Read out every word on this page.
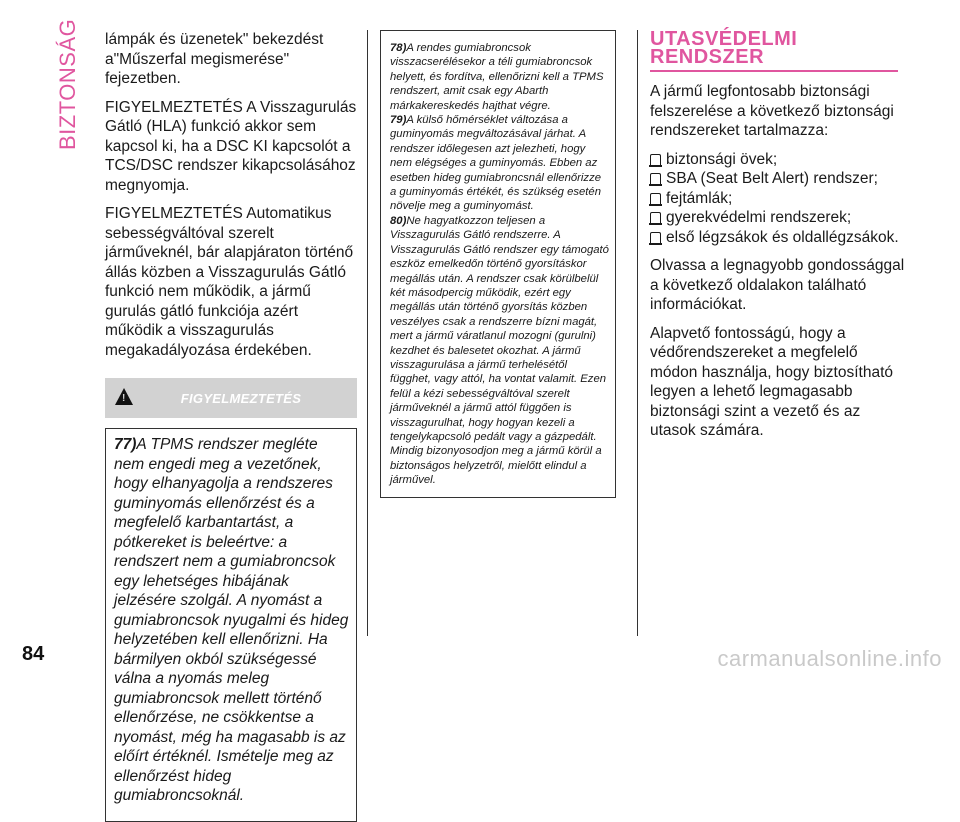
BIZTONSÁG lámpák és üzenetek" bekezdést a"Műszerfal megismerése" fejezetben.

FIGYELMEZTETÉS A Visszagurulás Gátló (HLA) funkció akkor sem kapcsol ki, ha a DSC KI kapcsolót a TCS/DSC rendszer kikapcsolásához megnyomja.

FIGYELMEZTETÉS Automatikus sebességváltóval szerelt járműveknél, bár alapjáraton történő állás közben a Visszagurulás Gátló funkció nem működik, a jármű gurulás gátló funkciója azért működik a visszagurulás megakadályozása érdekében.

!	FIGYELMEZTETÉS

77)A TPMS rendszer megléte nem engedi meg a vezetőnek, hogy elhanyagolja a rendszeres guminyomás ellenőrzést és a megfelelő karbantartást, a pótkereket is beleértve: a rendszert nem a gumiabroncsok egy lehetséges hibájának jelzésére szolgál. A nyomást a gumiabroncsok nyugalmi és hideg helyzetében kell ellenőrizni. Ha bármilyen okból szükségessé válna a nyomás meleg gumiabroncsok mellett történő ellenőrzése, ne csökkentse a nyomást, még ha magasabb is az előírt értéknél. Ismételje meg az ellenőrzést hideg gumiabroncsoknál.

78)A rendes gumiabroncsok visszacserélésekor a téli gumiabroncsok helyett, és fordítva, ellenőrizni kell a TPMS rendszert, amit csak egy Abarth márkakereskedés hajthat végre.

79)A külső hőmérséklet változása a guminyomás megváltozásával járhat. A rendszer időlegesen azt jelezheti, hogy nem elégséges a guminyomás. Ebben az esetben hideg gumiabroncsnál ellenőrizze a guminyomás értékét, és szükség esetén növelje meg a guminyomást.

80)Ne hagyatkozzon teljesen a Visszagurulás Gátló rendszerre. A Visszagurulás Gátló rendszer egy támogató eszköz emelkedőn történő gyorsításkor megállás után. A rendszer csak körülbelül két másodpercig működik, ezért egy megállás után történő gyorsítás közben veszélyes csak a rendszerre bízni magát, mert a jármű váratlanul mozogni (gurulni) kezdhet és balesetet okozhat. A jármű visszagurulása a jármű terhelésétől függhet, vagy attól, ha vontat valamit. Ezen felül a kézi sebességváltóval szerelt járműveknél a jármű attól függően is visszagurulhat, hogy hogyan kezeli a tengelykapcsoló pedált vagy a gázpedált. Mindig bizonyosodjon meg a jármű körül a biztonságos helyzetről, mielőtt elindul a járművel.

UTASVÉDELMI
RENDSZER

A jármű legfontosabb biztonsági felszerelése a következő biztonsági rendszereket tartalmazza:

biztonsági övek;
SBA (Seat Belt Alert) rendszer;
fejtámlák;
gyerekvédelmi rendszerek;
első légzsákok és oldallégzsákok.

Olvassa a legnagyobb gondossággal a következő oldalakon található információkat.

Alapvető fontosságú, hogy a védőrendszereket a megfelelő módon használja, hogy biztosítható legyen a lehető legmagasabb biztonsági szint a vezető és az utasok számára.

84	carmanualsonline.info
